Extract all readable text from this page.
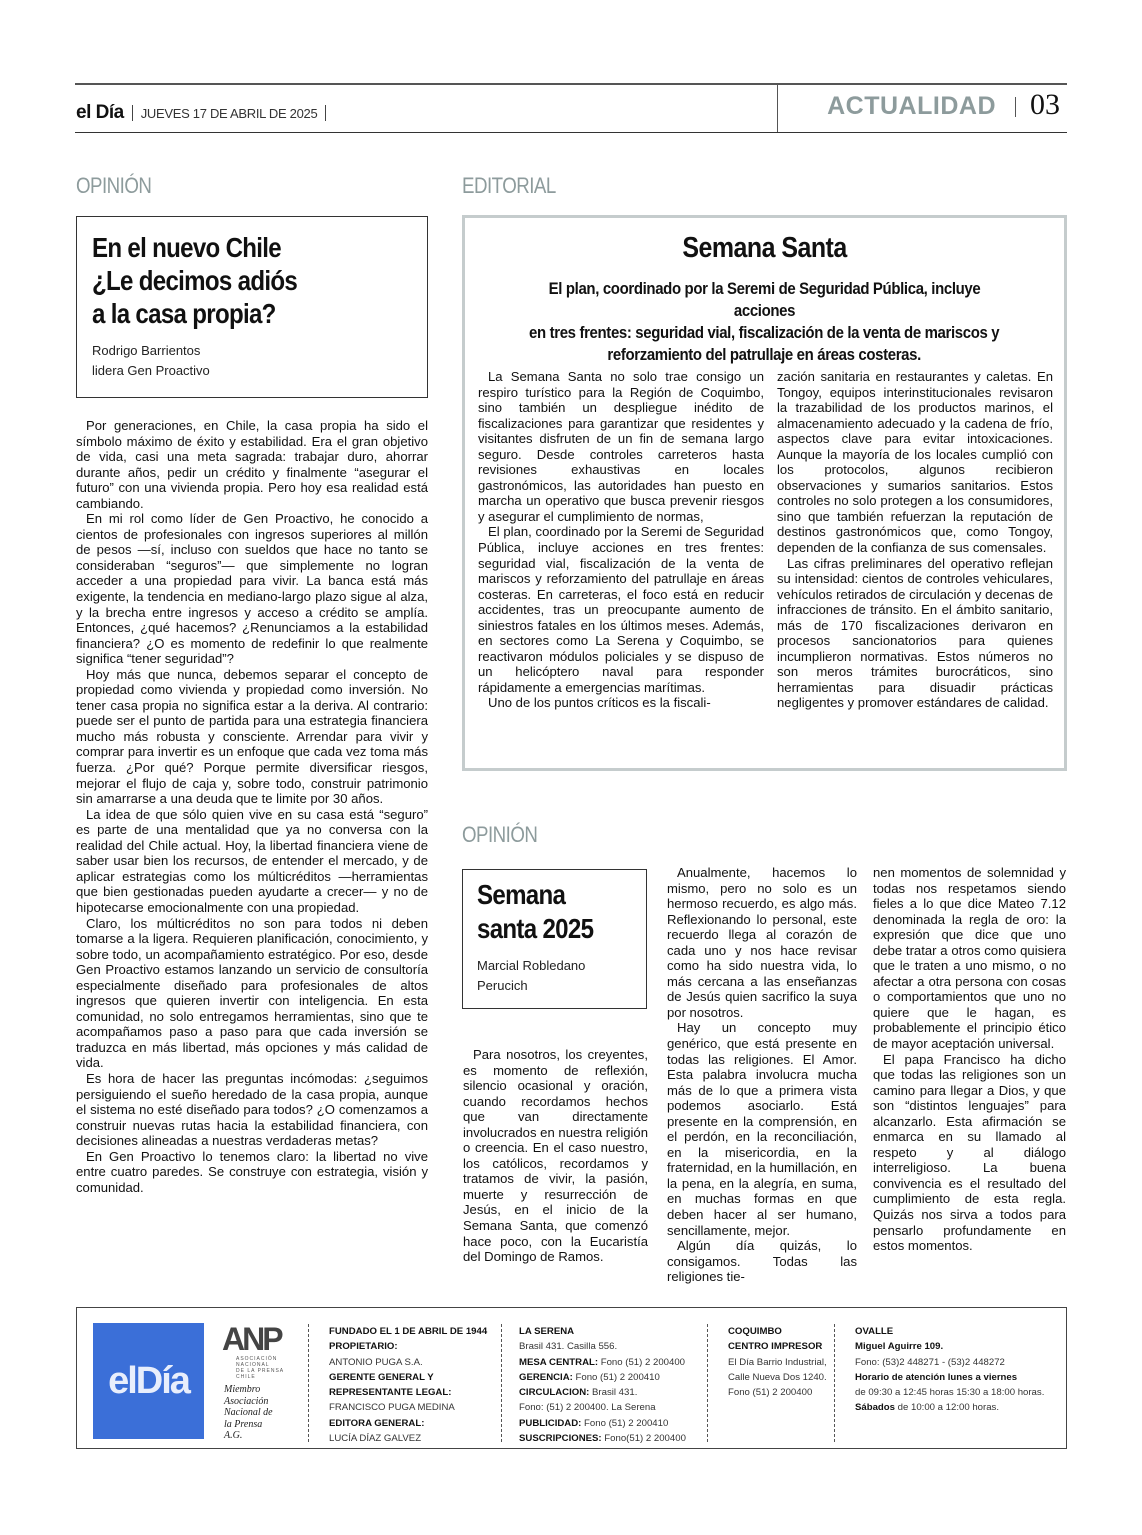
el Día JUEVES 17 DE ABRIL DE 2025	ACTUALIDAD 03
OPINIÓN
En el nuevo Chile
¿Le decimos adiós
a la casa propia?
Rodrigo Barrientos
lidera Gen Proactivo

Por generaciones, en Chile, la casa propia ha sido el símbolo máximo de éxito y estabilidad. Era el gran objetivo de vida, casi una meta sagrada: trabajar duro, ahorrar durante años, pedir un crédito y finalmente “asegurar el futuro” con una vivienda propia. Pero hoy esa realidad está cambiando.

En mi rol como líder de Gen Proactivo, he conocido a cientos de profesionales con ingresos superiores al millón de pesos —sí, incluso con sueldos que hace no tanto se consideraban “seguros”— que simplemente no logran acceder a una propiedad para vivir. La banca está más exigente, la tendencia en mediano-largo plazo sigue al alza, y la brecha entre ingresos y acceso a crédito se amplía. Entonces, ¿qué hacemos? ¿Renunciamos a la estabilidad financiera? ¿O es momento de redefinir lo que realmente significa “tener seguridad”?

Hoy más que nunca, debemos separar el concepto de propiedad como vivienda y propiedad como inversión. No tener casa propia no significa estar a la deriva. Al contrario: puede ser el punto de partida para una estrategia financiera mucho más robusta y consciente. Arrendar para vivir y comprar para invertir es un enfoque que cada vez toma más fuerza. ¿Por qué? Porque permite diversificar riesgos, mejorar el flujo de caja y, sobre todo, construir patrimonio sin amarrarse a una deuda que te limite por 30 años.

La idea de que sólo quien vive en su casa está “seguro” es parte de una mentalidad que ya no conversa con la realidad del Chile actual. Hoy, la libertad financiera viene de saber usar bien los recursos, de entender el mercado, y de aplicar estrategias como los múlticréditos —herramientas que bien gestionadas pueden ayudarte a crecer— y no de hipotecarse emocionalmente con una propiedad.

Claro, los múlticréditos no son para todos ni deben tomarse a la ligera. Requieren planificación, conocimiento, y sobre todo, un acompañamiento estratégico. Por eso, desde Gen Proactivo estamos lanzando un servicio de consultoría especialmente diseñado para profesionales de altos ingresos que quieren invertir con inteligencia. En esta comunidad, no solo entregamos herramientas, sino que te acompañamos paso a paso para que cada inversión se traduzca en más libertad, más opciones y más calidad de vida.

Es hora de hacer las preguntas incómodas: ¿seguimos persiguiendo el sueño heredado de la casa propia, aunque el sistema no esté diseñado para todos? ¿O comenzamos a construir nuevas rutas hacia la estabilidad financiera, con decisiones alineadas a nuestras verdaderas metas?

En Gen Proactivo lo tenemos claro: la libertad no vive entre cuatro paredes. Se construye con estrategia, visión y comunidad.

EDITORIAL
Semana Santa
El plan, coordinado por la Seremi de Seguridad Pública, incluye acciones
en tres frentes: seguridad vial, fiscalización de la venta de mariscos y
reforzamiento del patrullaje en áreas costeras.

La Semana Santa no solo trae consigo un respiro turístico para la Región de Coquimbo, sino también un despliegue inédito de fiscalizaciones para garantizar que residentes y visitantes disfruten de un fin de semana largo seguro. Desde controles carreteros hasta revisiones exhaustivas en locales gastronómicos, las autoridades han puesto en marcha un operativo que busca prevenir riesgos y asegurar el cumplimiento de normas,

El plan, coordinado por la Seremi de Seguridad Pública, incluye acciones en tres frentes: seguridad vial, fiscalización de la venta de mariscos y reforzamiento del patrullaje en áreas costeras. En carreteras, el foco está en reducir accidentes, tras un preocupante aumento de siniestros fatales en los últimos meses. Además, en sectores como La Serena y Coquimbo, se reactivaron módulos policiales y se dispuso de un helicóptero naval para responder rápidamente a emergencias marítimas.

Uno de los puntos críticos es la fiscali-

zación sanitaria en restaurantes y caletas. En Tongoy, equipos interinstitucionales revisaron la trazabilidad de los productos marinos, el almacenamiento adecuado y la cadena de frío, aspectos clave para evitar intoxicaciones. Aunque la mayoría de los locales cumplió con los protocolos, algunos recibieron observaciones y sumarios sanitarios. Estos controles no solo protegen a los consumidores, sino que también refuerzan la reputación de destinos gastronómicos que, como Tongoy, dependen de la confianza de sus comensales.

Las cifras preliminares del operativo reflejan su intensidad: cientos de controles vehiculares, vehículos retirados de circulación y decenas de infracciones de tránsito. En el ámbito sanitario, más de 170 fiscalizaciones derivaron en procesos sancionatorios para quienes incumplieron normativas. Estos números no son meros trámites burocráticos, sino herramientas para disuadir prácticas negligentes y promover estándares de calidad.

OPINIÓN
Semana
santa 2025
Marcial Robledano
Perucich

Para nosotros, los creyentes, es momento de reflexión, silencio ocasional y oración, cuando recordamos hechos que van directamente involucrados en nuestra religión o creencia. En el caso nuestro, los católicos, recordamos y tratamos de vivir, la pasión, muerte y resurrección de Jesús, en el inicio de la Semana Santa, que comenzó hace poco, con la Eucaristía del Domingo de Ramos.

Anualmente, hacemos lo mismo, pero no solo es un hermoso recuerdo, es algo más. Reflexionando lo personal, este recuerdo llega al corazón de cada uno y nos hace revisar como ha sido nuestra vida, lo más cercana a las enseñanzas de Jesús quien sacrifico la suya por nosotros.

Hay un concepto muy genérico, que está presente en todas las religiones. El Amor. Esta palabra involucra mucha más de lo que a primera vista podemos asociarlo. Está presente en la comprensión, en el perdón, en la reconciliación, en la misericordia, en la fraternidad, en la humillación, en la pena, en la alegría, en suma, en muchas formas en que deben hacer al ser humano, sencillamente, mejor.

Algún día quizás, lo consigamos. Todas las religiones tie-

nen momentos de solemnidad y todas nos respetamos siendo fieles a lo que dice Mateo 7.12 denominada la regla de oro: la expresión que dice que uno debe tratar a otros como quisiera que le traten a uno mismo, o no afectar a otra persona con cosas o comportamientos que uno no quiere que le hagan, es probablemente el principio ético de mayor aceptación universal.

El papa Francisco ha dicho que todas las religiones son un camino para llegar a Dios, y que son “distintos lenguajes” para alcanzarlo. Esta afirmación se enmarca en su llamado al respeto y al diálogo interreligioso. La buena convivencia es el resultado del cumplimiento de esta regla. Quizás nos sirva a todos para pensarlo profundamente en estos momentos.

elDía
ANP
ASOCIACIÓN
NACIONAL
DE LA PRENSA
CHILE
Miembro
Asociación
Nacional de
la Prensa
A.G.
FUNDADO EL 1 DE ABRIL DE 1944
PROPIETARIO:
ANTONIO PUGA S.A.
GERENTE GENERAL Y
REPRESENTANTE LEGAL:
FRANCISCO PUGA MEDINA
EDITORA GENERAL:
LUCÍA DÍAZ GALVEZ
LA SERENA
Brasil 431. Casilla 556.
MESA CENTRAL: Fono (51) 2 200400
GERENCIA: Fono (51) 2 200410
CIRCULACION: Brasil 431.
Fono: (51) 2 200400. La Serena
PUBLICIDAD: Fono (51) 2 200410
SUSCRIPCIONES: Fono(51) 2 200400
COQUIMBO
CENTRO IMPRESOR
El Día Barrio Industrial,
Calle Nueva Dos 1240.
Fono (51) 2 200400
OVALLE
Miguel Aguirre 109.
Fono: (53)2 448271 - (53)2 448272
Horario de atención lunes a viernes
de 09:30 a 12:45 horas 15:30 a 18:00 horas.
Sábados de 10:00 a 12:00 horas.
